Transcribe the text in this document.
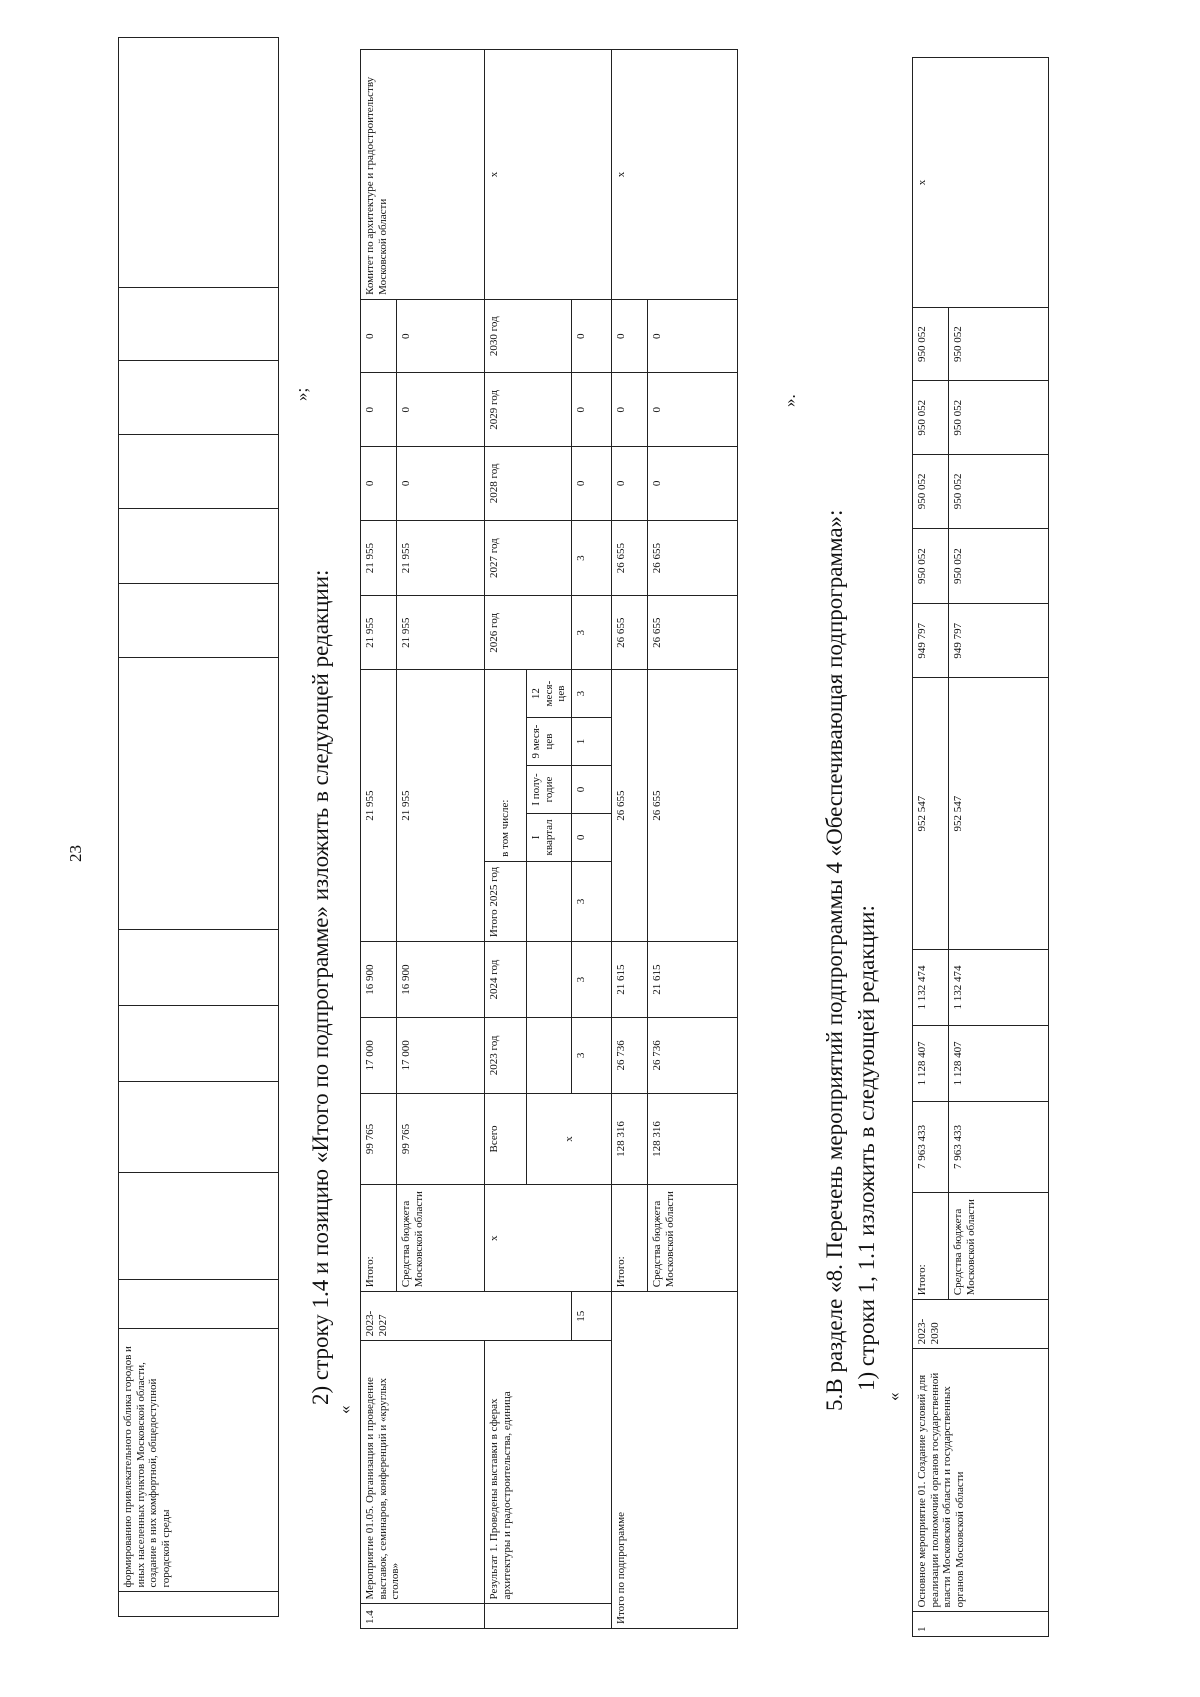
23
	формированию привлекательного облика городов и иных населенных пунктов Московской области, создание в них комфортной, общедоступной городской среды												
»;
2) строку 1.4 и позицию «Итого по подпрограмме» изложить в следующей редакции:
«
1.4	Мероприятие 01.05. Организация и проведение выставок, семинаров, конференций и «круглых столов»	2023-2027	Итого:	99 765	17 000	16 900	21 955					21 955	21 955	0	0	0	Комитет по архитектуре и градостроительству Московской области
			Средства бюджета Московской области	99 765	17 000	16 900	21 955					21 955	21 955	0	0	0	
	Результат 1. Проведены выставки в сферах архитектуры и градостроительства, единица		x	Всего	2023 год	2024 год	Итого 2025 год	в том числе:				2026 год	2027 год	2028 год	2029 год	2030 год	x
				x				I квартал	I полу- годие	9 меся- цев	12 меся- цев						
		15			3	3	3	0	0	1	3	3	3	0	0	0	
Итого по подпрограмме			Итого:	128 316	26 736	21 615	26 655					26 655	26 655	0	0	0	x
			Средства бюджета Московской области	128 316	26 736	21 615	26 655					26 655	26 655	0	0	0	
».
5.В разделе «8. Перечень мероприятий подпрограммы 4 «Обеспечивающая подпрограмма»: 1) строки 1, 1.1 изложить в следующей редакции:
«
1	Основное мероприятие 01. Создание условий для реализации полномочий органов государственной власти Московской области и государственных органов Московской области	2023-2030	Итого:	7 963 433	1 128 407	1 132 474	952 547	949 797	950 052	950 052	950 052	950 052	x
			Средства бюджета Московской области	7 963 433	1 128 407	1 132 474	952 547	949 797	950 052	950 052	950 052	950 052	
